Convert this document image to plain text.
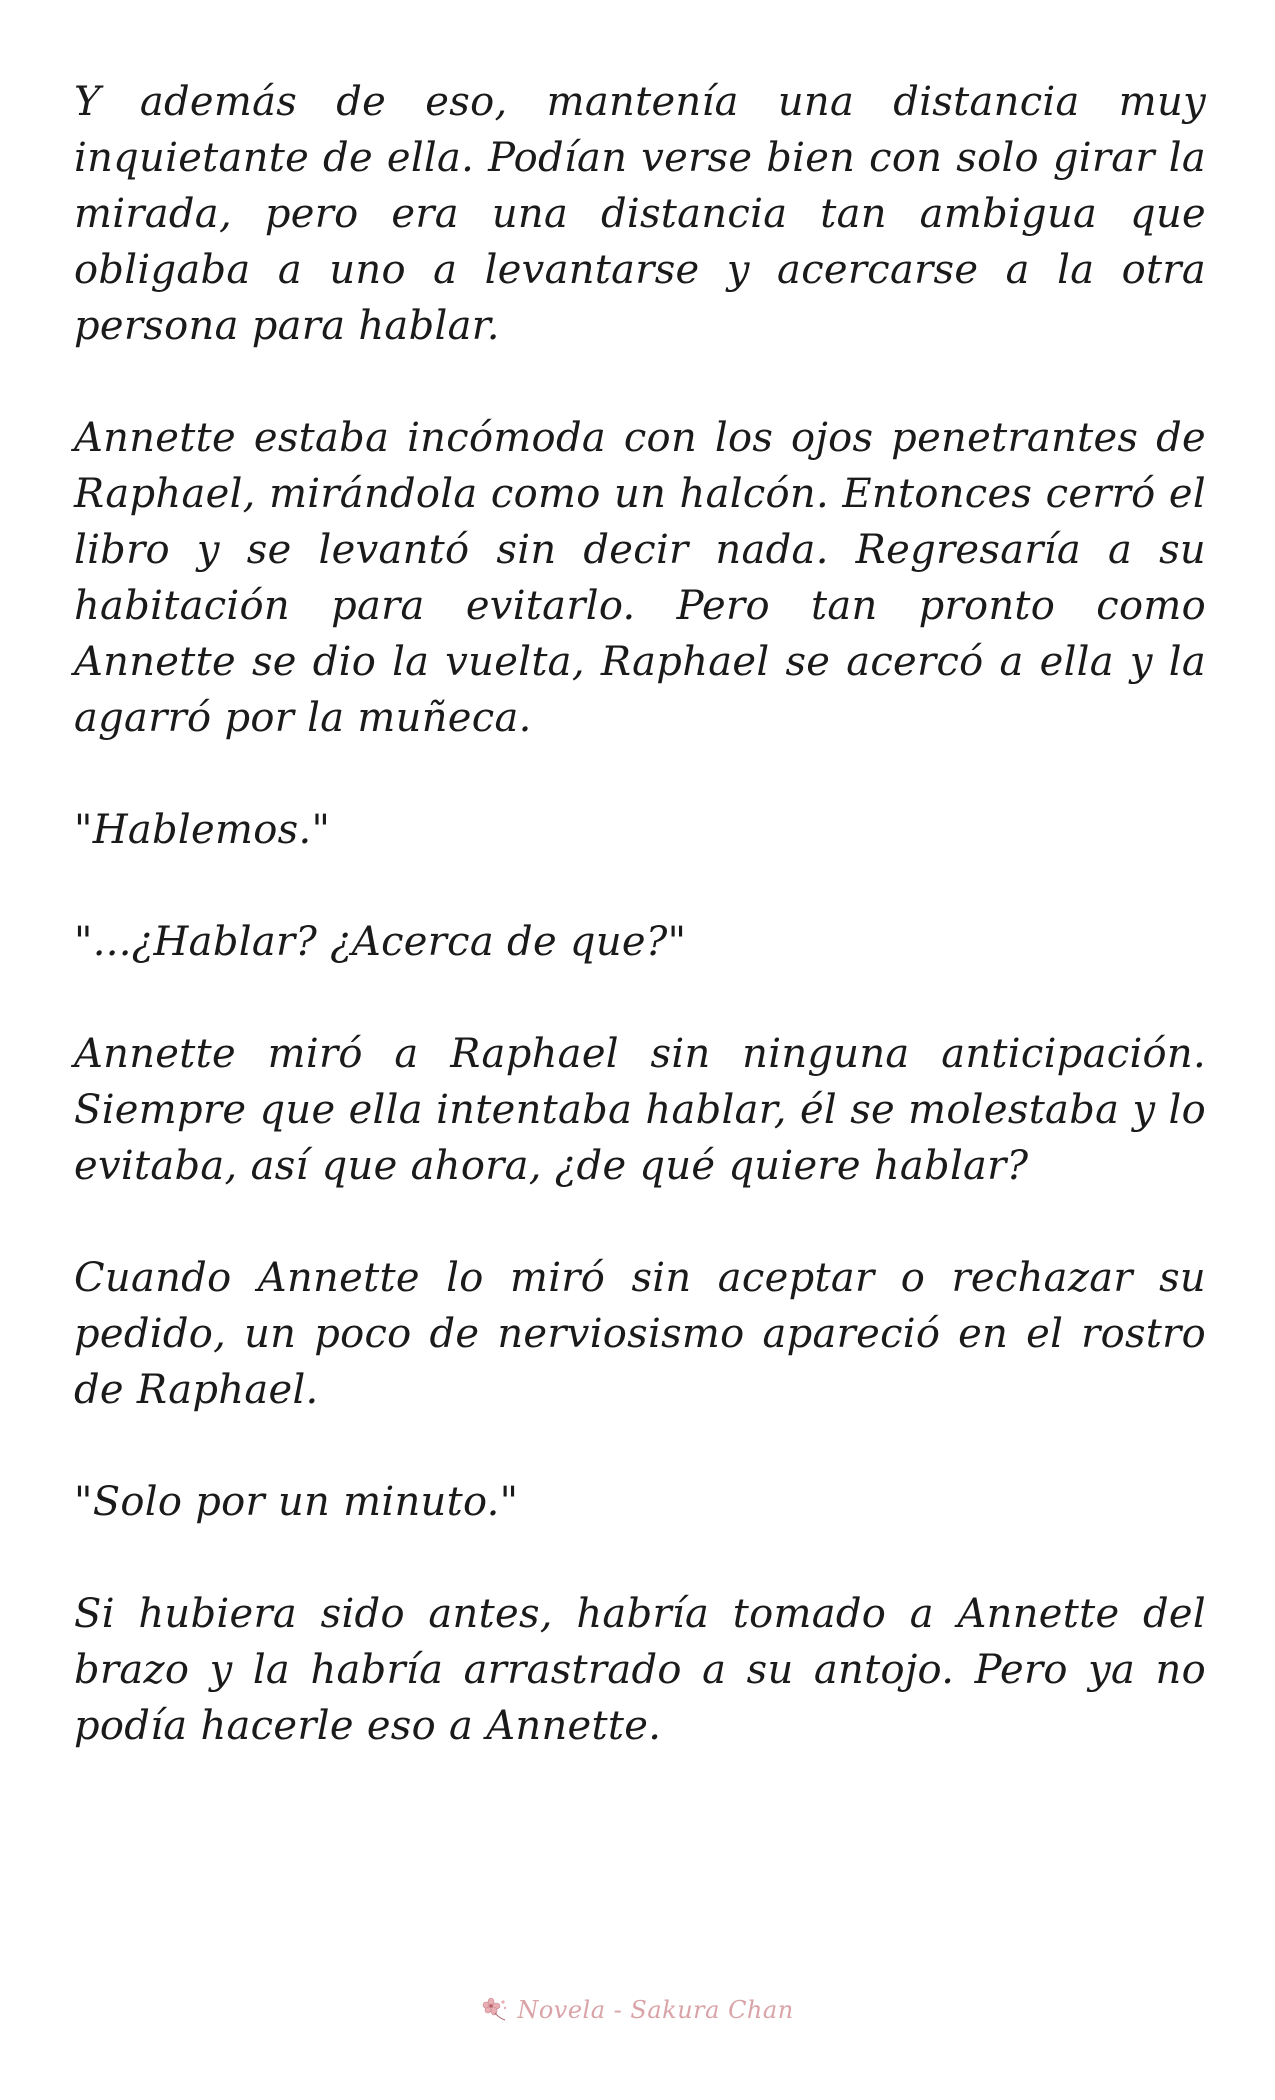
Y además de eso, mantenía una distancia muy inquietante de ella. Podían verse bien con solo girar la mirada, pero era una distancia tan ambigua que obligaba a uno a levantarse y acercarse a la otra persona para hablar.

Annette estaba incómoda con los ojos penetrantes de Raphael, mirándola como un halcón. Entonces cerró el libro y se levantó sin decir nada. Regresaría a su habitación para evitarlo. Pero tan pronto como Annette se dio la vuelta, Raphael se acercó a ella y la agarró por la muñeca.

"Hablemos."

"...¿Hablar? ¿Acerca de que?"

Annette miró a Raphael sin ninguna anticipación. Siempre que ella intentaba hablar, él se molestaba y lo evitaba, así que ahora, ¿de qué quiere hablar?

Cuando Annette lo miró sin aceptar o rechazar su pedido, un poco de nerviosismo apareció en el rostro de Raphael.

"Solo por un minuto."

Si hubiera sido antes, habría tomado a Annette del brazo y la habría arrastrado a su antojo. Pero ya no podía hacerle eso a Annette.

Novela - Sakura Chan
